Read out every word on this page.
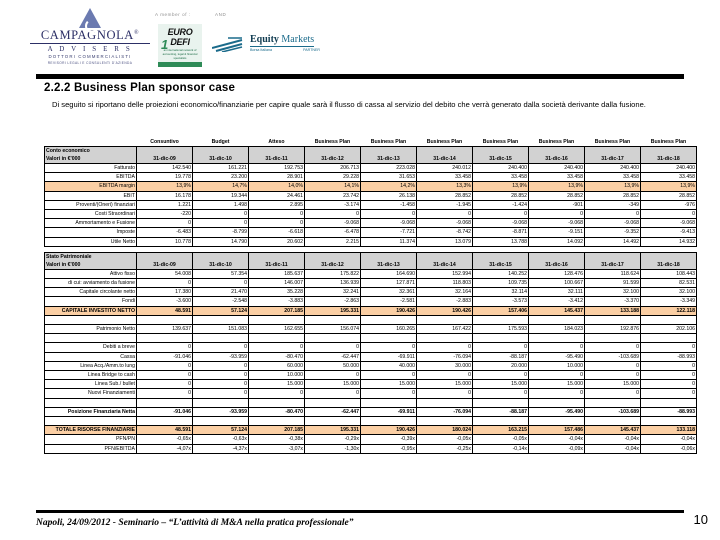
CAMPAGNOLA®
A D V I S E R S
DOTTORI COMMERCIALISTI
REVISORI LEGALI E CONSULENTI D'AZIENDA
A member of :	AND
1
EURO
DEFI
an international network of accounting, legal & financial specialists
Equity Markets
Borsa Italiana	PARTNER
2.2.2 Business Plan sponsor case
Di seguito si riportano delle proiezioni economico/finanziarie per capire quale sarà il flusso di cassa al servizio del debito che verrà generato dalla società derivante dalla fusione.
	Consuntivo	Budget	Atteso	Business Plan	Business Plan	Business Plan	Business Plan	Business Plan	Business Plan	Business Plan

Conto economico
Valori in €'000	31-dic-09	31-dic-10	31-dic-11	31-dic-12	31-dic-13	31-dic-14	31-dic-15	31-dic-16	31-dic-17	31-dic-18
Fatturato	142.540	161.221	192.753	206.713	223.028	240.012	240.400	240.400	240.400	240.400
EBITDA	19.778	23.200	28.901	29.228	31.653	33.458	33.458	33.458	33.458	33.458
EBITDA margin	13,9%	14,7%	14,0%	14,1%	14,2%	13,3%	13,9%	13,9%	13,9%	13,9%
EBIT	16.178	19.344	24.461	23.742	26.138	28.852	28.852	28.852	28.852	28.852
Proventi/(Oneri) finanziari	1.221	1.498	2.895	-3.174	-1.458	-1.945	-1.424	-901	-349	-976
Costi Straordinari	-220	0	0	0	0	0	0	0	0	0
Ammortamento e Fusione	0	0	0	-9.068	-9.068	-9.068	-9.068	-9.068	-9.068	-9.068
Imposte	-6.483	-8.799	-6.618	-6.478	-7.721	-8.742	-8.871	-9.151	-9.352	-9.413
Utile Netto	10.778	14.790	20.602	2.215	11.374	13.079	13.788	14.092	14.492	14.932

Stato Patrimoniale
Valori in €'000	31-dic-09	31-dic-10	31-dic-11	31-dic-12	31-dic-13	31-dic-14	31-dic-15	31-dic-16	31-dic-17	31-dic-18
Attivo fisso	54.008	57.354	185.637	175.822	164.690	152.994	140.252	128.476	118.624	108.443
di cui: avviamento da fusione	0	0	146.007	136.939	127.871	118.803	109.735	100.667	91.599	82.531
Capitale circolante netto	17.380	21.470	35.228	32.241	32.361	32.164	32.114	32.111	32.100	32.100
Fondi	-3.600	-2.548	-3.883	-2.863	-2.581	-2.883	-3.573	-3.412	-3.370	-3.349
CAPITALE INVESTITO NETTO	48.591	57.124	207.185	195.331	190.426	190.426	157.406	145.437	133.188	122.118

Patrimonio Netto	139.637	151.083	162.655	156.074	160.265	167.422	175.593	184.023	192.876	202.106

Debiti a breve	0	0	0	0	0	0	0	0	0	0
Cassa	-91.046	-93.959	-80.470	-62.447	-69.911	-76.094	-88.187	-95.490	-103.689	-88.993
Linea Acq./Amm.to lung	0	0	60.000	50.000	40.000	30.000	20.000	10.000	0	0
Linea Bridge to cash	0	0	10.000	0	0	0	0	0	0	0
Linea Sub./ bullet	0	0	15.000	15.000	15.000	15.000	15.000	15.000	15.000	0
Nuovi Finanziamenti	0	0	0	0	0	0	0	0	0	0

Posizione Finanziaria Netta	-91.046	-93.959	-80.470	-62.447	-69.911	-76.094	-88.187	-95.490	-103.689	-88.993

TOTALE RISORSE FINANZIARIE	48.591	57.124	207.185	195.331	190.426	180.024	163.215	157.486	145.437	133.118
PFN/PN	-0,65x	-0,63x	-0,38x	-0,29x	-0,39x	-0,05x	-0,05x	-0,04x	-0,04x	-0,04x
PFN/EBITDA	-4,07x	-4,37x	-3,07x	-1,30x	-0,95x	-0,25x	-0,14x	-0,09x	-0,04x	-0,06x
Napoli, 24/09/2012 - Seminario – “L’attività di M&A nella pratica professionale”	10
